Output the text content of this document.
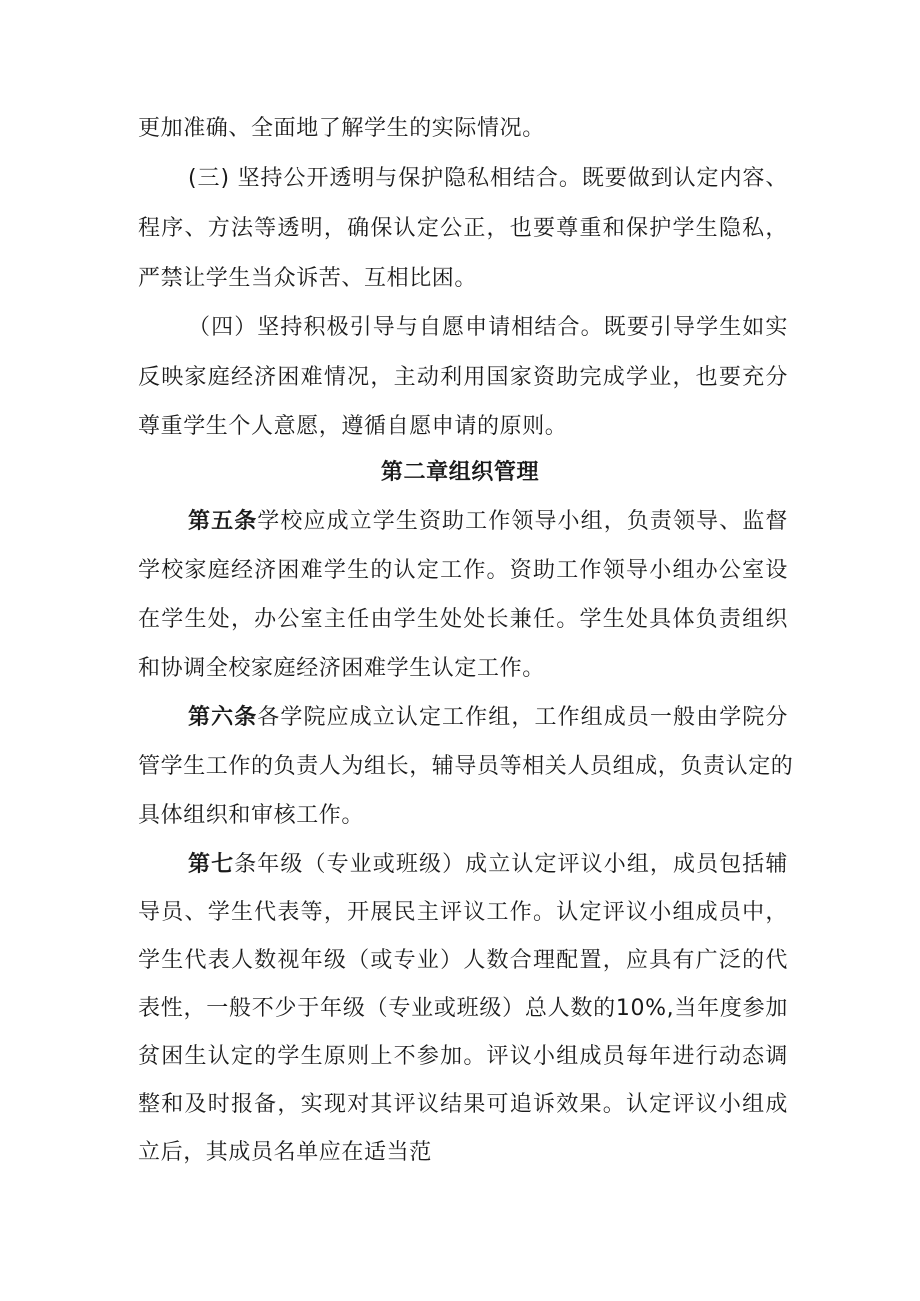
更加准确、全面地了解学生的实际情况。
(三) 坚持公开透明与保护隐私相结合。既要做到认定内容、
程序、方法等透明，确保认定公正，也要尊重和保护学生隐私，
严禁让学生当众诉苦、互相比困。
（四）坚持积极引导与自愿申请相结合。既要引导学生如实
反映家庭经济困难情况，主动利用国家资助完成学业，也要充分
尊重学生个人意愿，遵循自愿申请的原则。
第二章组织管理
第五条学校应成立学生资助工作领导小组，负责领导、监督
学校家庭经济困难学生的认定工作。资助工作领导小组办公室设
在学生处，办公室主任由学生处处长兼任。学生处具体负责组织
和协调全校家庭经济困难学生认定工作。
第六条各学院应成立认定工作组，工作组成员一般由学院分
管学生工作的负责人为组长，辅导员等相关人员组成，负责认定的
具体组织和审核工作。
第七条年级（专业或班级）成立认定评议小组，成员包括辅
导员、学生代表等，开展民主评议工作。认定评议小组成员中，
学生代表人数视年级（或专业）人数合理配置，应具有广泛的代
表性，一般不少于年级（专业或班级）总人数的10%,当年度参加
贫困生认定的学生原则上不参加。评议小组成员每年进行动态调
整和及时报备，实现对其评议结果可追诉效果。认定评议小组成
立后，其成员名单应在适当范
